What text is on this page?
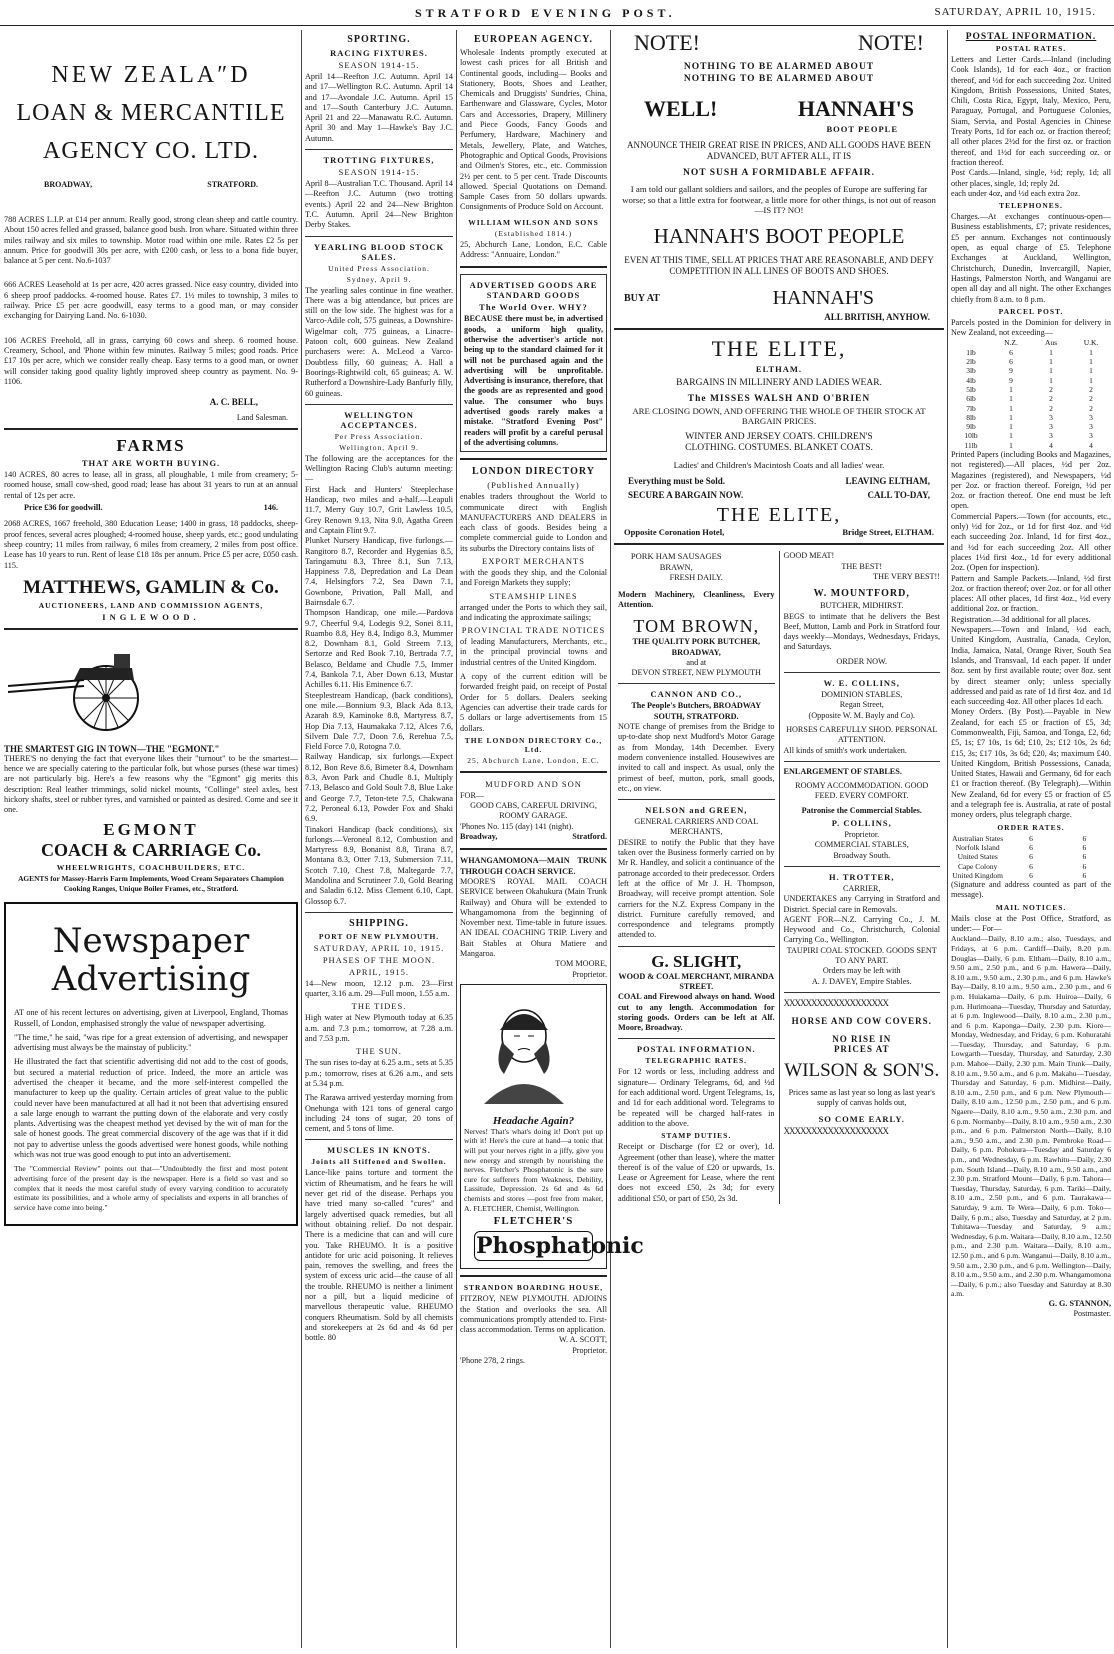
STRATFORD EVENING POST.	SATURDAY, APRIL 10, 1915.
NEW ZEALA″D
LOAN & MERCANTILE
AGENCY CO. LTD.
BROADWAY,	STRATFORD.
788 ACRES L.I.P. at £14 per annum. Really good, strong clean sheep and cattle country. About 150 acres felled and grassed, balance good bush. Iron whare. Situated within three miles railway and six miles to township. Motor road within one mile. Rates £2 5s per annum. Price for goodwill 30s per acre, with £200 cash, or less to a bona fide buyer, balance at 5 per cent. No.6-1037
666 ACRES Leasehold at 1s per acre, 420 acres grassed. Nice easy country, divided into 6 sheep proof paddocks. 4-roomed house. Rates £7. 1½ miles to township, 3 miles to railway. Price £5 per acre goodwill, easy terms to a good man, or may consider exchanging for Dairying Land. No. 6-1030.
106 ACRES Freehold, all in grass, carrying 60 cows and sheep. 6 roomed house. Creamery, School, and 'Phone within few minutes. Railway 5 miles; good roads. Price £17 10s per acre, which we consider really cheap. Easy terms to a good man, or owner will consider taking good quality lightly improved sheep country as payment. No. 9-1106.
A. C. BELL,
Land Salesman.
FARMS
THAT ARE WORTH BUYING.
140 ACRES, 80 acres to lease, all in grass, all ploughable, 1 mile from creamery; 5-roomed house, small cow-shed, good road; lease has about 31 years to run at an annual rental of 12s per acre.
Price £36 for goodwill.	146.
2068 ACRES, 1667 freehold, 380 Education Lease; 1400 in grass, 18 paddocks, sheep-proof fences, several acres ploughed; 4-roomed house, sheep yards, etc.; good undulating sheep country; 11 miles from railway, 6 miles from creamery, 2 miles from post office. Lease has 10 years to run. Rent of lease £18 18s per annum. Price £5 per acre, £050 cash. 115.
MATTHEWS, GAMLIN & Co.
AUCTIONEERS, LAND AND COMMISSION AGENTS,
INGLEWOOD.
THE SMARTEST GIG IN TOWN—THE "EGMONT."
THERE'S no denying the fact that everyone likes their "turnout" to be the smartest—hence we are specially catering to the particular folk, but whose purses (these war times) are not particularly big. Here's a few reasons why the "Egmont" gig merits this description: Real leather trimmings, solid nickel mounts, "Collinge" steel axles, best hickory shafts, steel or rubber tyres, and varnished or painted as desired. Come and see it one.
EGMONT
COACH & CARRIAGE Co.
WHEELWRIGHTS, COACHBUILDERS, ETC.
AGENTS for Massey-Harris Farm Implements, Wood Cream Separators Champion Cooking Ranges, Unique Boiler Frames, etc., Stratford.
Newspaper Advertising
AT one of his recent lectures on advertising, given at Liverpool, England, Thomas Russell, of London, emphasised strongly the value of newspaper advertising.
"The time," he said, "was ripe for a great extension of advertising, and newspaper advertising must always be the mainstay of publicity."
He illustrated the fact that scientific advertising did not add to the cost of goods, but secured a material reduction of price. Indeed, the more an article was advertised the cheaper it became, and the more self-interest compelled the manufacturer to keep up the quality. Certain articles of great value to the public could never have been manufactured at all had it not been that advertising ensured a sale large enough to warrant the putting down of the elaborate and very costly plants. Advertising was the cheapest method yet devised by the wit of man for the sale of honest goods. The great commercial discovery of the age was that if it did not pay to advertise unless the goods advertised were honest goods, while nothing which was not true was good enough to put into an advertisement.
The "Commercial Review" points out that—"Undoubtedly the first and most potent advertising force of the present day is the newspaper. Here is a field so vast and so complex that it needs the most careful study of every varying condition to accurately estimate its possibilities, and a whole army of specialists and experts in all branches of service have come into being."
SPORTING.
RACING FIXTURES.
SEASON 1914-15.
April 14—Reefton J.C. Autumn. April 14 and 17—Wellington R.C. Autumn. April 14 and 17—Avondale J.C. Autumn. April 15 and 17—South Canterbury J.C. Autumn. April 21 and 22—Manawatu R.C. Autumn. April 30 and May 1—Hawke's Bay J.C. Autumn.
TROTTING FIXTURES,
SEASON 1914-15.
April 8—Australian T.C. Thousand. April 14—Reefton J.C. Autumn (two trotting events.) April 22 and 24—New Brighton T.C. Autumn. April 24—New Brighton Derby Stakes.
YEARLING BLOOD STOCK SALES.
United Press Association.
Sydney, April 9.
The yearling sales continue in fine weather. There was a big attendance, but prices are still on the low side. The highest was for a Varco-Adile colt, 575 guineas, a Downshire-Wigelmar colt, 775 guineas, a Linacre-Patoon colt, 600 guineas. New Zealand purchasers were: A. McLeod a Varco-Doubtless filly, 60 guineas; A. Hall a Boorings-Rightwild colt, 65 guineas; A. W. Rutherford a Downshire-Lady Banfurly filly, 60 guineas.
WELLINGTON ACCEPTANCES.
Per Press Association.
Wellington, April 9.
The following are the acceptances for the Wellington Racing Club's autumn meeting:—
First Hack and Hunters' Steeplechase Handicap, two miles and a-half.—Leapuli 11.7, Merry Guy 10.7, Grit Lawless 10.5, Grey Renown 9.13, Nita 9.0, Agatha Green and Captain Flint 9.7.
Plunket Nursery Handicap, five furlongs.—Rangitoro 8.7, Recorder and Hygenias 8.5, Taringamutu 8.3, Three 8.1, Sun 7.13, Happiness 7.8, Depredation and La Dean 7.4, Helsingfors 7.2, Sea Dawn 7.1, Gownbone, Privation, Pall Mall, and Bairnsdale 6.7.
Thompson Handicap, one mile.—Pardova 9.7, Cheerful 9.4, Lodegis 9.2, Sonei 8.11, Ruambo 8.8, Hey 8.4, Indigo 8.3, Mummer 8.2, Downham 8.1, Gold Streem 7.13, Sertorze and Red Book 7.10, Bertrada 7.7, Belasco, Beldame and Chudle 7.5, Immer 7.4, Bankola 7.1, Aber Down 6.13, Mustar Achilles 6.11. His Eminence 6.7.
Steeplestream Handicap, (back conditions), one mile.—Bonnium 9.3, Black Ada 8.13, Azarah 8.9, Kaminoke 8.8, Martyress 8.7, Hop Dia 7.13, Haumakaka 7.12, Alces 7.6, Silvern Dale 7.7, Doon 7.6, Rerehua 7.5, Field Force 7.0, Rotogna 7.0.
Railway Handicap, six furlongs.—Expect 8.12, Bon Reve 8.6, Bimeter 8.4, Downham 8.3, Avon Park and Chudle 8.1, Multiply 7.13, Belasco and Gold Soult 7.8, Blue Lake and George 7.7, Teton-tete 7.5, Chakwana 7.2, Peroneal 6.13, Powder Fox and Shaki 6.9.
Tinakori Handicap (back conditions), six furlongs.—Veroneal 8.12, Combustion and Martyress 8.9, Bonanist 8.8, Tirana 8.7, Montana 8.3, Otter 7.13, Submersion 7.11, Scotch 7.10, Chest 7.8, Maltegarde 7.7, Mandolina and Scrutineer 7.0, Gold Bearing and Saladin 6.12. Miss Clement 6.10, Capt. Glossop 6.7.
SHIPPING.
PORT OF NEW PLYMOUTH.
SATURDAY, APRIL 10, 1915.
PHASES OF THE MOON.
APRIL, 1915.
14—New moon, 12.12 p.m. 23—First quarter, 3.16 a.m. 29—Full moon, 1.55 a.m.
THE TIDES.
High water at New Plymouth today at 6.35 a.m. and 7.3 p.m.; tomorrow, at 7.28 a.m. and 7.53 p.m.
THE SUN.
The sun rises to-day at 6.25 a.m., sets at 5.35 p.m.; tomorrow, rises at 6.26 a.m., and sets at 5.34 p.m.
The Rarawa arrived yesterday morning from Onehunga with 121 tons of general cargo including 24 tons of sugar, 20 tons of cement, and 5 tons of lime.
MUSCLES IN KNOTS.
Joints all Stiffened and Swollen.
Lance-like pains torture and torment the victim of Rheumatism, and he fears he will never get rid of the disease. Perhaps you have tried many so-called "cures" and largely advertised quack remedies, but all without obtaining relief. Do not despair. There is a medicine that can and will cure you. Take RHEUMO. It is a positive antidote for uric acid poisoning. It relieves pain, removes the swelling, and frees the system of excess uric acid—the cause of all the trouble. RHEUMO is neither a liniment nor a pill, but a liquid medicine of marvellous therapeutic value. RHEUMO conquers Rheumatism. Sold by all chemists and storekeepers at 2s 6d and 4s 6d per bottle. 80
EUROPEAN AGENCY.
Wholesale Indents promptly executed at lowest cash prices for all British and Continental goods, including— Books and Stationery, Boots, Shoes and Leather, Chemicals and Druggists' Sundries, China, Earthenware and Glassware, Cycles, Motor Cars and Accessories, Drapery, Millinery and Piece Goods, Fancy Goods and Perfumery, Hardware, Machinery and Metals, Jewellery, Plate, and Watches, Photographic and Optical Goods, Provisions and Oilmen's Stores, etc., etc. Commission 2½ per cent. to 5 per cent. Trade Discounts allowed. Special Quotations on Demand. Sample Cases from 50 dollars upwards. Consignments of Produce Sold on Account.
WILLIAM WILSON AND SONS
(Established 1814.)
25, Abchurch Lane, London, E.C. Cable Address: "Annuaire, London."
ADVERTISED GOODS ARE STANDARD GOODS
The World Over. WHY?
BECAUSE there must be, in advertised goods, a uniform high quality, otherwise the advertiser's article not being up to the standard claimed for it will not be purchased again and the advertising will be unprofitable. Advertising is insurance, therefore, that the goods are as represented and good value. The consumer who buys advertised goods rarely makes a mistake. "Stratford Evening Post" readers will profit by a careful perusal of the advertising columns.
LONDON DIRECTORY
(Published Annually)
enables traders throughout the World to communicate direct with English MANUFACTURERS AND DEALERS in each class of goods. Besides being a complete commercial guide to London and its suburbs the Directory contains lists of
EXPORT MERCHANTS
with the goods they ship, and the Colonial and Foreign Markets they supply;
STEAMSHIP LINES
arranged under the Ports to which they sail, and indicating the approximate sailings;
PROVINCIAL TRADE NOTICES
of leading Manufacturers, Merchants, etc., in the principal provincial towns and industrial centres of the United Kingdom.
A copy of the current edition will be forwarded freight paid, on receipt of Postal Order for 5 dollars. Dealers seeking Agencies can advertise their trade cards for 5 dollars or large advertisements from 15 dollars.
THE LONDON DIRECTORY Co., Ltd.
25, Abchurch Lane, London, E.C.
MUDFORD AND SON
FOR—
GOOD CABS, CAREFUL DRIVING, ROOMY GARAGE.
'Phones No. 115 (day) 141 (night).
Broadway,	Stratford.
WHANGAMOMONA—MAIN TRUNK THROUGH COACH SERVICE.
MOORE'S ROYAL MAIL COACH SERVICE between Okahukura (Main Trunk Railway) and Ohura will be extended to Whangamomona from the beginning of November next. Time-table in future issues. AN IDEAL COACHING TRIP. Livery and Bait Stables at Ohura Matiere and Mangaroa.
TOM MOORE,
Proprietor.
Headache Again?
Nerves! That's what's doing it! Don't put up with it! Here's the cure at hand—a tonic that will put your nerves right in a jiffy, give you new energy and strength by nourishing the nerves. Fletcher's Phosphatonic is the sure cure for sufferers from Weakness, Debility, Lassitude, Depression. 2s 6d and 4s 6d chemists and stores —post free from maker, A. FLETCHER, Chemist, Wellington.
FLETCHER'S
Phosphatonic
STRANDON BOARDING HOUSE,
FITZROY, NEW PLYMOUTH. ADJOINS the Station and overlooks the sea. All communications promptly attended to. First-class accommodation. Terms on application.
W. A. SCOTT,
Proprietor.
'Phone 278, 2 rings.
NOTE!	NOTE!
NOTHING TO BE ALARMED ABOUT
NOTHING TO BE ALARMED ABOUT
WELL!	HANNAH'S
BOOT PEOPLE
ANNOUNCE THEIR GREAT RISE IN PRICES, AND ALL GOODS HAVE BEEN ADVANCED, BUT AFTER ALL, IT IS
NOT SUSH A FORMIDABLE AFFAIR.
I am told our gallant soldiers and sailors, and the peoples of Europe are suffering far worse; so that a little extra for footwear, a little more for other things, is not out of reason—IS IT? NO!
HANNAH'S BOOT PEOPLE
EVEN AT THIS TIME, SELL AT PRICES THAT ARE REASONABLE, AND DEFY COMPETITION IN ALL LINES OF BOOTS AND SHOES.
BUY AT	HANNAH'S
ALL BRITISH, ANYHOW.
THE ELITE,
ELTHAM.
BARGAINS IN MILLINERY AND LADIES WEAR.
The MISSES WALSH AND O'BRIEN
ARE CLOSING DOWN, AND OFFERING THE WHOLE OF THEIR STOCK AT BARGAIN PRICES.
WINTER AND JERSEY COATS. CHILDREN'S CLOTHING. COSTUMES. BLANKET COATS.
Ladies' and Children's Macintosh Coats and all ladies' wear.
Everything must be Sold.	LEAVING ELTHAM,
SECURE A BARGAIN NOW.	CALL TO-DAY,
THE ELITE,
Opposite Coronation Hotel,	Bridge Street, ELTHAM.
PORK HAM SAUSAGES BRAWN,
FRESH DAILY.
Modern Machinery, Cleanliness, Every Attention.
TOM BROWN,
THE QUALITY PORK BUTCHER, BROADWAY,
and at
DEVON STREET, NEW PLYMOUTH
CANNON AND CO.,
The People's Butchers, BROADWAY SOUTH, STRATFORD.
NOTE change of premises from the Bridge to up-to-date shop next Mudford's Motor Garage as from Monday, 14th December. Every modern convenience installed. Housewives are invited to call and inspect. As usual, only the primest of beef, mutton, pork, small goods, etc., on view.
NELSON and GREEN,
GENERAL CARRIERS AND COAL MERCHANTS,
DESIRE to notify the Public that they have taken over the Business formerly carried on by Mr R. Handley, and solicit a continuance of the patronage accorded to their predecessor. Orders left at the office of Mr J. H. Thompson, Broadway, will receive prompt attention. Sole carriers for the N.Z. Express Company in the district. Furniture carefully removed, and correspondence and telegrams promptly attended to.
G. SLIGHT,
WOOD & COAL MERCHANT, MIRANDA STREET.
COAL and Firewood always on hand. Wood cut to any length. Accommodation for storing goods. Orders can be left at Alf. Moore, Broadway.
POSTAL INFORMATION.
TELEGRAPHIC RATES.
For 12 words or less, including address and signature— Ordinary Telegrams, 6d, and ½d for each additional word. Urgent Telegrams, 1s, and 1d for each additional word. Telegrams to be repeated will be charged half-rates in addition to the above.
STAMP DUTIES.
Receipt or Discharge (for £2 or over), 1d. Agreement (other than lease), where the matter thereof is of the value of £20 or upwards, 1s. Lease or Agreement for Lease, where the rent does not exceed £50, 2s 3d; for every additional £50, or part of £50, 2s 3d.
GOOD MEAT!
THE BEST!
THE VERY BEST!!
W. MOUNTFORD,
BUTCHER, MIDHIRST.
BEGS to intimate that he delivers the Best Beef, Mutton, Lamb and Pork in Stratford four days weekly—Mondays, Wednesdays, Fridays, and Saturdays.
ORDER NOW.
W. E. COLLINS,
DOMINION STABLES,
Regan Street,
(Opposite W. M. Bayly and Co).
HORSES CAREFULLY SHOD. PERSONAL ATTENTION.
All kinds of smith's work undertaken.
ENLARGEMENT OF STABLES.
ROOMY ACCOMMODATION. GOOD FEED. EVERY COMFORT.
Patronise the Commercial Stables.
P. COLLINS,
Proprietor.
COMMERCIAL STABLES,
Broadway South.
H. TROTTER,
CARRIER,
UNDERTAKES any Carrying in Stratford and District. Special care in Removals.
AGENT FOR—N.Z. Carrying Co., J. M. Heywood and Co., Christchurch, Colonial Carrying Co., Wellington.
TAUPIRI COAL STOCKED. GOODS SENT TO ANY PART.
Orders may be left with
A. J. DAVEY, Empire Stables.
XXXXXXXXXXXXXXXXXXX
HORSE AND COW COVERS.
NO RISE IN PRICES AT
WILSON & SON'S.
Prices same as last year so long as last year's supply of canvas holds out,
SO COME EARLY.
XXXXXXXXXXXXXXXXXXX
POSTAL INFORMATION.
POSTAL RATES.
Letters and Letter Cards.—Inland (including Cook Islands), 1d for each 4oz., or fraction thereof, and ½d for each succeeding 2oz. United Kingdom, British Possessions, United States, Chili, Costa Rica, Egypt, Italy, Mexico, Peru, Paraguay, Portugal, and Portuguese Colonies, Siam, Servia, and Postal Agencies in Chinese Treaty Ports, 1d for each oz. or fraction thereof; all other places 2½d for the first oz. or fraction thereof, and 1½d for each succeeding oz. or fraction thereof.
Post Cards.—Inland, single, ½d; reply, 1d; all other places, single, 1d; reply 2d.
each under 4oz, and ½d each extra 2oz.
TELEPHONES.
Charges.—At exchanges continuous-open—Business establishments, £7; private residences, £5 per annum. Exchanges not continuously open, as equal charge of £5. Telephone Exchanges at Auckland, Wellington, Christchurch, Dunedin, Invercargill, Napier, Hastings, Palmerston North, and Wanganui are open all day and all night. The other Exchanges chiefly from 8 a.m. to 8 p.m.
PARCEL POST.
Parcels posted in the Dominion for delivery in New Zealand, not exceeding—
N.Z.	Aus	U.K.
1lb	6	1	1
2lb	6	1	1
3lb	9	1	1
4lb	9	1	1
5lb	1	2	2
6lb	1	2	2
7lb	1	2	2
8lb	1	3	3
9lb	1	3	3
10lb	1	3	3
11lb	1	4	4
Printed Papers (including Books and Magazines, not registered).—All places, ½d per 2oz. Magazines (registered), and Newspapers, ½d per 2oz. or fraction thereof. Foreign, ½d per 2oz. or fraction thereof. One end must be left open.
Commercial Papers.—Town (for accounts, etc., only) ½d for 2oz., or 1d for first 4oz. and ½d each succeeding 2oz. Inland, 1d for first 4oz., and ½d for each succeeding 2oz. All other places 1½d first 4oz., 1d for every additional 2oz. (Open for inspection).
Pattern and Sample Packets.—Inland, ½d first 2oz. or fraction thereof; over 2oz. or for all other places: All other places, 1d first 4oz., ½d every additional 2oz. or fraction.
Registration.—3d additional for all places.
Newspapers.—Town and Inland, ½d each, United Kingdom, Australia, Canada, Ceylon, India, Jamaica, Natal, Orange River, South Sea Islands, and Transvaal, 1d each paper. If under 8oz. sent by first available route; over 8oz. sent by direct steamer only; unless specially addressed and paid as rate of 1d first 4oz. and 1d each succeeding 4oz. All other places 1d each.
Money Orders. (By Post).—Payable in New Zealand, for each £5 or fraction of £5, 3d; Commonwealth, Fiji, Samoa, and Tonga, £2, 6d; £5, 1s; £7 10s, 1s 6d; £10, 2s; £12 10s, 2s 6d; £15, 3s; £17 10s, 3s 6d; £20, 4s; maximum £40. United Kingdom, British Possessions, Canada, United States, Hawaii and Germany, 6d for each £1 or fraction thereof. (By Telegraph).—Within New Zealand, 6d for every £5 or fraction of £5 and a telegraph fee is. Australia, at rate of postal money orders, plus telegraph charge.
ORDER RATES.
Australian States	6	6
Norfolk Island	6	6
United States	6	6
Cape Colony	6	6
United Kingdom	6	6
(Signature and address counted as part of the message).
MAIL NOTICES.
Mails close at the Post Office, Stratford, as under:— For—
Auckland—Daily, 8.10 a.m.; also, Tuesdays, and Fridays, at 6 p.m. Cardiff—Daily, 8.20 p.m. Douglas—Daily, 6 p.m. Eltham—Daily, 8.10 a.m., 9.50 a.m., 2.50 p.m., and 6 p.m. Hawera—Daily, 8.10 a.m., 9.50 a.m., 2.30 p.m., and 6 p.m. Hawke's Bay—Daily, 8.10 a.m., 9.50 a.m., 2.30 p.m., and 6 p.m. Huiakama—Daily, 6 p.m. Huiroa—Daily, 6 p.m. Hurimoana—Tuesday, Thursday and Saturday, at 6 p.m. Inglewood—Daily, 8.10 a.m., 2.30 p.m., and 6 p.m. Kaponga—Daily, 2.30 p.m. Kiore—Monday, Wednesday, and Friday, 6 p.m. Kohuratahi—Tuesday, Thursday, and Saturday, 6 p.m. Lowgarth—Tuesday, Thursday, and Saturday, 2.30 p.m. Mahoe—Daily, 2.30 p.m. Main Trunk—Daily, 8.10 a.m., 9.50 a.m., and 6 p.m. Makahu—Tuesday, Thursday and Saturday, 6 p.m. Midhirst—Daily, 8.10 a.m., 2.50 p.m., and 6 p.m. New Plymouth—Daily, 8.10 a.m., 12.50 p.m., 2.50 p.m., and 6 p.m. Ngaere—Daily, 8.10 a.m., 9.50 a.m., 2.30 p.m. and 6 p.m. Normanby—Daily, 8.10 a.m., 9.50 a.m., 2.30 p.m., and 6 p.m. Palmerston North—Daily, 8.10 a.m., 9.50 a.m., and 2.30 p.m. Pembroke Road—Daily, 6 p.m. Pohokura—Tuesday and Saturday 6 p.m., and Wednesday, 6 p.m. Rawhitu—Daily, 2.30 p.m. South Island—Daily, 8.10 a.m., 9.50 a.m., and 2.30 p.m. Stratford Mount—Daily, 6 p.m. Tahora—Tuesday, Thursday, Saturday, 6 p.m. Tariki—Daily, 8.10 a.m., 2.50 p.m., and 6 p.m. Taurakawa—Saturday, 9 a.m. Te Wera—Daily, 6 p.m. Toko—Daily, 6 p.m.; also, Tuesday and Saturday, at 2 p.m. Tuhitawa—Tuesday and Saturday, 9 a.m.; Wednesday, 6 p.m. Waitara—Daily, 8.10 a.m., 12.50 p.m., and 2.30 p.m. Waitara—Daily, 8.10 a.m., 12.50 p.m., and 6 p.m. Wanganui—Daily, 8.10 a.m., 9.50 a.m., 2.30 p.m., and 6 p.m. Wellington—Daily, 8.10 a.m., 9.50 a.m., and 2.30 p.m. Whangamomona—Daily, 6 p.m.; also Tuesday and Saturday at 8.30 a.m.
G. G. STANNON,
Postmaster.
